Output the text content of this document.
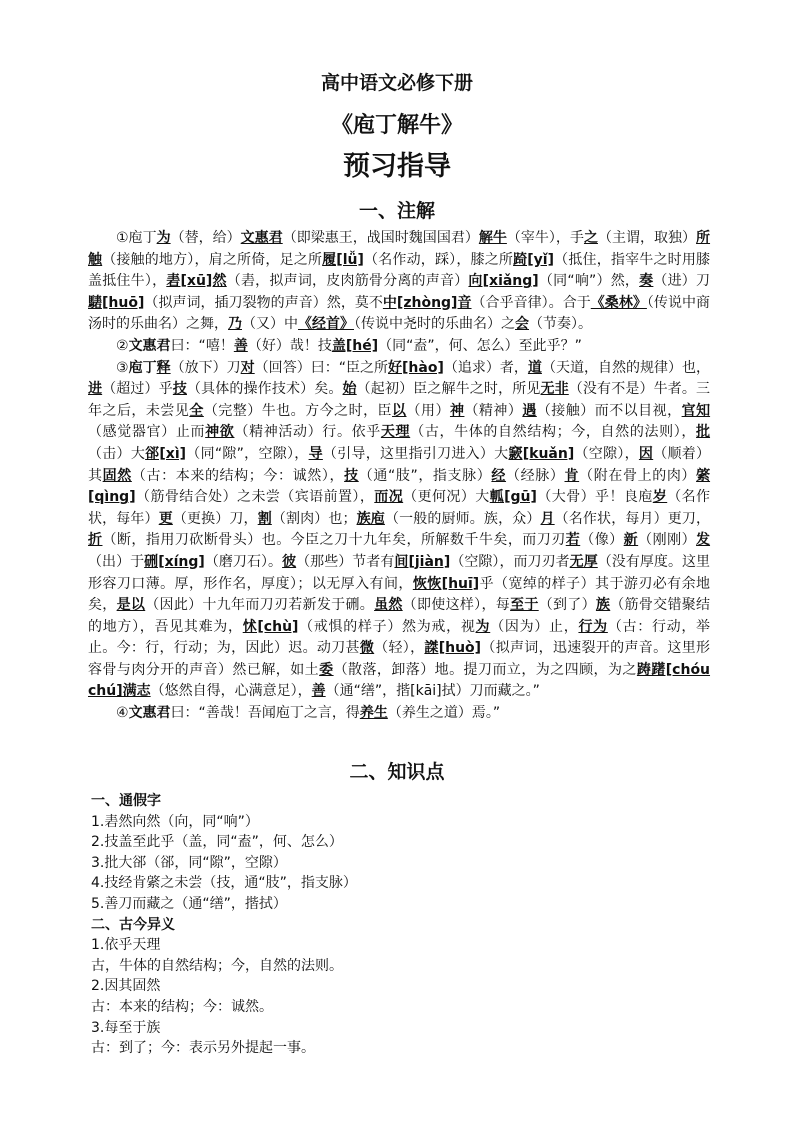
高中语文必修下册
《庖丁解牛》
预习指导
一、注解

①庖丁为（替，给）文惠君（即梁惠王，战国时魏国国君）解牛（宰牛），手之（主谓，取独）所触（接触的地方），肩之所倚，足之所履[lǚ]（名作动，踩），膝之所踦[yǐ]（抵住，指宰牛之时用膝盖抵住牛），砉[xū]然（砉，拟声词，皮肉筋骨分离的声音）向[xiǎng]（同“响”）然，奏（进）刀騞[huō]（拟声词，插刀裂物的声音）然，莫不中[zhòng]音（合乎音律）。合于《桑林》（传说中商汤时的乐曲名）之舞，乃（又）中《经首》（传说中尧时的乐曲名）之会（节奏）。

②文惠君曰：“嘻！善（好）哉！技盖[hé]（同“盍”，何、怎么）至此乎？”

③庖丁释（放下）刀对（回答）曰：“臣之所好[hào]（追求）者，道（天道，自然的规律）也，进（超过）乎技（具体的操作技术）矣。始（起初）臣之解牛之时，所见无非（没有不是）牛者。三年之后，未尝见全（完整）牛也。方今之时，臣以（用）神（精神）遇（接触）而不以目视，官知（感觉器官）止而神欲（精神活动）行。依乎天理（古，牛体的自然结构；今，自然的法则），批（击）大郤[xì]（同“隙”，空隙），导（引导，这里指引刀进入）大窾[kuǎn]（空隙），因（顺着）其固然（古：本来的结构；今：诚然），技（通“肢”，指支脉）经（经脉）肯（附在骨上的肉）綮[qìng]（筋骨结合处）之未尝（宾语前置），而况（更何况）大軱[gū]（大骨）乎！良庖岁（名作状，每年）更（更换）刀，割（割肉）也；族庖（一般的厨师。族，众）月（名作状，每月）更刀，折（断，指用刀砍断骨头）也。今臣之刀十九年矣，所解数千牛矣，而刀刃若（像）新（刚刚）发（出）于硎[xíng]（磨刀石）。彼（那些）节者有间[jiàn]（空隙），而刀刃者无厚（没有厚度。这里形容刀口薄。厚，形作名，厚度）；以无厚入有间，恢恢[huī]乎（宽绰的样子）其于游刃必有余地矣，是以（因此）十九年而刀刃若新发于硎。虽然（即使这样），每至于（到了）族（筋骨交错聚结的地方），吾见其难为，怵[chù]（戒惧的样子）然为戒，视为（因为）止，行为（古：行动，举止。今：行，行动；为，因此）迟。动刀甚微（轻），謋[huò]（拟声词，迅速裂开的声音。这里形容骨与肉分开的声音）然已解，如土委（散落，卸落）地。提刀而立，为之四顾，为之踌躇[chóu chú]满志（悠然自得，心满意足），善（通“缮”，揩[kāi]拭）刀而藏之。”

④文惠君曰：“善哉！吾闻庖丁之言，得养生（养生之道）焉。”

二、知识点
一、通假字
1.砉然向然（向，同“响”）
2.技盖至此乎（盖，同“盍”，何、怎么）
3.批大郤（郤，同“隙”，空隙）
4.技经肯綮之未尝（技，通“肢”，指支脉）
5.善刀而藏之（通“缮”，揩拭）
二、古今异义
1.依乎天理
古，牛体的自然结构；今，自然的法则。
2.因其固然
古：本来的结构；今：诚然。
3.每至于族
古：到了；今：表示另外提起一事。
